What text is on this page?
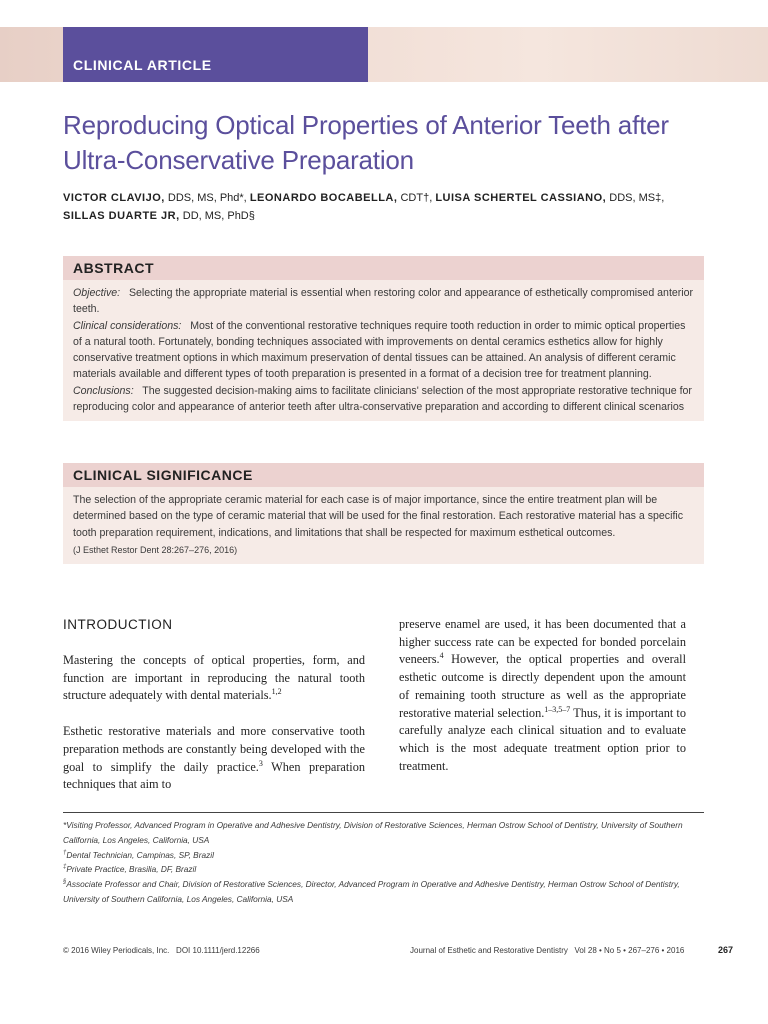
CLINICAL ARTICLE
Reproducing Optical Properties of Anterior Teeth after Ultra-Conservative Preparation
VICTOR CLAVIJO, DDS, MS, Phd*, LEONARDO BOCABELLA, CDT†, LUISA SCHERTEL CASSIANO, DDS, MS‡, SILLAS DUARTE JR, DD, MS, PhD§
ABSTRACT

Objective: Selecting the appropriate material is essential when restoring color and appearance of esthetically compromised anterior teeth.

Clinical considerations: Most of the conventional restorative techniques require tooth reduction in order to mimic optical properties of a natural tooth. Fortunately, bonding techniques associated with improvements on dental ceramics esthetics allow for highly conservative treatment options in which maximum preservation of dental tissues can be attained. An analysis of different ceramic materials available and different types of tooth preparation is presented in a format of a decision tree for treatment planning.

Conclusions: The suggested decision-making aims to facilitate clinicians' selection of the most appropriate restorative technique for reproducing color and appearance of anterior teeth after ultra-conservative preparation and according to different clinical scenarios

CLINICAL SIGNIFICANCE

The selection of the appropriate ceramic material for each case is of major importance, since the entire treatment plan will be determined based on the type of ceramic material that will be used for the final restoration. Each restorative material has a specific tooth preparation requirement, indications, and limitations that shall be respected for maximum esthetical outcomes.

(J Esthet Restor Dent 28:267–276, 2016)

INTRODUCTION

Mastering the concepts of optical properties, form, and function are important in reproducing the natural tooth structure adequately with dental materials.$^{1,2}$

Esthetic restorative materials and more conservative tooth preparation methods are constantly being developed with the goal to simplify the daily practice.$^3$ When preparation techniques that aim to

preserve enamel are used, it has been documented that a higher success rate can be expected for bonded porcelain veneers.$^4$ However, the optical properties and overall esthetic outcome is directly dependent upon the amount of remaining tooth structure as well as the appropriate restorative material selection.$^{1-3,5-7}$ Thus, it is important to carefully analyze each clinical situation and to evaluate which is the most adequate treatment option prior to treatment.

*Visiting Professor, Advanced Program in Operative and Adhesive Dentistry, Division of Restorative Sciences, Herman Ostrow School of Dentistry, University of Southern California, Los Angeles, California, USA

†Dental Technician, Campinas, SP, Brazil

‡Private Practice, Brasilia, DF, Brazil

§Associate Professor and Chair, Division of Restorative Sciences, Director, Advanced Program in Operative and Adhesive Dentistry, Herman Ostrow School of Dentistry, University of Southern California, Los Angeles, California, USA

© 2016 Wiley Periodicals, Inc.   DOI 10.1111/jerd.12266	Journal of Esthetic and Restorative Dentistry   Vol 28 • No 5 • 267–276 • 2016	267
